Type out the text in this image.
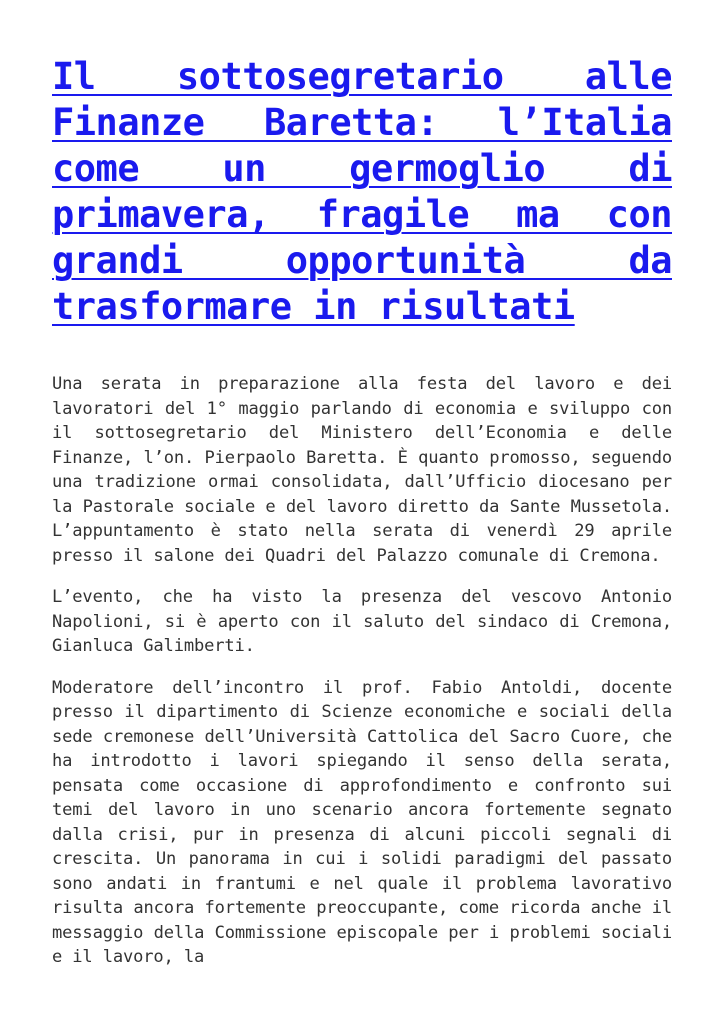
Il sottosegretario alle Finanze Baretta: l’Italia come un germoglio di primavera, fragile ma con grandi opportunità da trasformare in risultati

Una serata in preparazione alla festa del lavoro e dei lavoratori del 1° maggio parlando di economia e sviluppo con il sottosegretario del Ministero dell’Economia e delle Finanze, l’on. Pierpaolo Baretta. È quanto promosso, seguendo una tradizione ormai consolidata, dall’Ufficio diocesano per la Pastorale sociale e del lavoro diretto da Sante Mussetola. L’appuntamento è stato nella serata di venerdì 29 aprile presso il salone dei Quadri del Palazzo comunale di Cremona.

L’evento, che ha visto la presenza del vescovo Antonio Napolioni, si è aperto con il saluto del sindaco di Cremona, Gianluca Galimberti.

Moderatore dell’incontro il prof. Fabio Antoldi, docente presso il dipartimento di Scienze economiche e sociali della sede cremonese dell’Università Cattolica del Sacro Cuore, che ha introdotto i lavori spiegando il senso della serata, pensata come occasione di approfondimento e confronto sui temi del lavoro in uno scenario ancora fortemente segnato dalla crisi, pur in presenza di alcuni piccoli segnali di crescita. Un panorama in cui i solidi paradigmi del passato sono andati in frantumi e nel quale il problema lavorativo risulta ancora fortemente preoccupante, come ricorda anche il messaggio della Commissione episcopale per i problemi sociali e il lavoro, la
